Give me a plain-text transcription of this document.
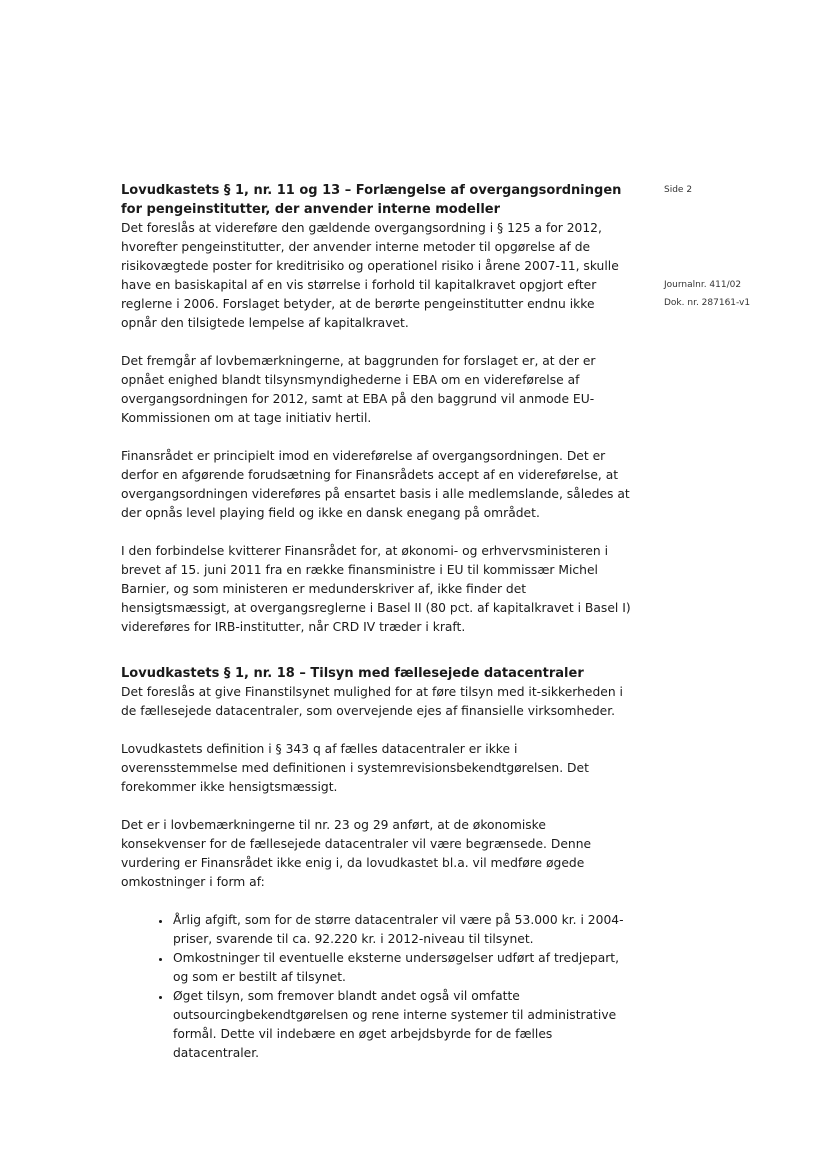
Side 2
Journalnr. 411/02
Dok. nr. 287161-v1
Lovudkastets § 1, nr. 11 og 13 – Forlængelse af overgangsordningen for pengeinstitutter, der anvender interne modeller

Det foreslås at videreføre den gældende overgangsordning i § 125 a for 2012, hvorefter pengeinstitutter, der anvender interne metoder til opgørelse af de risikovægtede poster for kreditrisiko og operationel risiko i årene 2007-11, skulle have en basiskapital af en vis størrelse i forhold til kapitalkravet opgjort efter reglerne i 2006. Forslaget betyder, at de berørte pengeinstitutter endnu ikke opnår den tilsigtede lempelse af kapitalkravet.

Det fremgår af lovbemærkningerne, at baggrunden for forslaget er, at der er opnået enighed blandt tilsynsmyndighederne i EBA om en videreførelse af overgangsordningen for 2012, samt at EBA på den baggrund vil anmode EU-Kommissionen om at tage initiativ hertil.

Finansrådet er principielt imod en videreførelse af overgangsordningen. Det er derfor en afgørende forudsætning for Finansrådets accept af en videreførelse, at overgangsordningen videreføres på ensartet basis i alle medlemslande, således at der opnås level playing field og ikke en dansk enegang på området.

I den forbindelse kvitterer Finansrådet for, at økonomi- og erhvervsministeren i brevet af 15. juni 2011 fra en række finansministre i EU til kommissær Michel Barnier, og som ministeren er medunderskriver af, ikke finder det hensigtsmæssigt, at overgangsreglerne i Basel II (80 pct. af kapitalkravet i Basel I) videreføres for IRB-institutter, når CRD IV træder i kraft.

Lovudkastets § 1, nr. 18 – Tilsyn med fællesejede datacentraler

Det foreslås at give Finanstilsynet mulighed for at føre tilsyn med it-sikkerheden i de fællesejede datacentraler, som overvejende ejes af finansielle virksomheder.

Lovudkastets definition i § 343 q af fælles datacentraler er ikke i overensstemmelse med definitionen i systemrevisionsbekendtgørelsen. Det forekommer ikke hensigtsmæssigt.

Det er i lovbemærkningerne til nr. 23 og 29 anført, at de økonomiske konsekvenser for de fællesejede datacentraler vil være begrænsede. Denne vurdering er Finansrådet ikke enig i, da lovudkastet bl.a. vil medføre øgede omkostninger i form af:

• Årlig afgift, som for de større datacentraler vil være på 53.000 kr. i 2004-priser, svarende til ca. 92.220 kr. i 2012-niveau til tilsynet.
• Omkostninger til eventuelle eksterne undersøgelser udført af tredjepart, og som er bestilt af tilsynet.
• Øget tilsyn, som fremover blandt andet også vil omfatte outsourcingbekendtgørelsen og rene interne systemer til administrative formål. Dette vil indebære en øget arbejdsbyrde for de fælles datacentraler.
